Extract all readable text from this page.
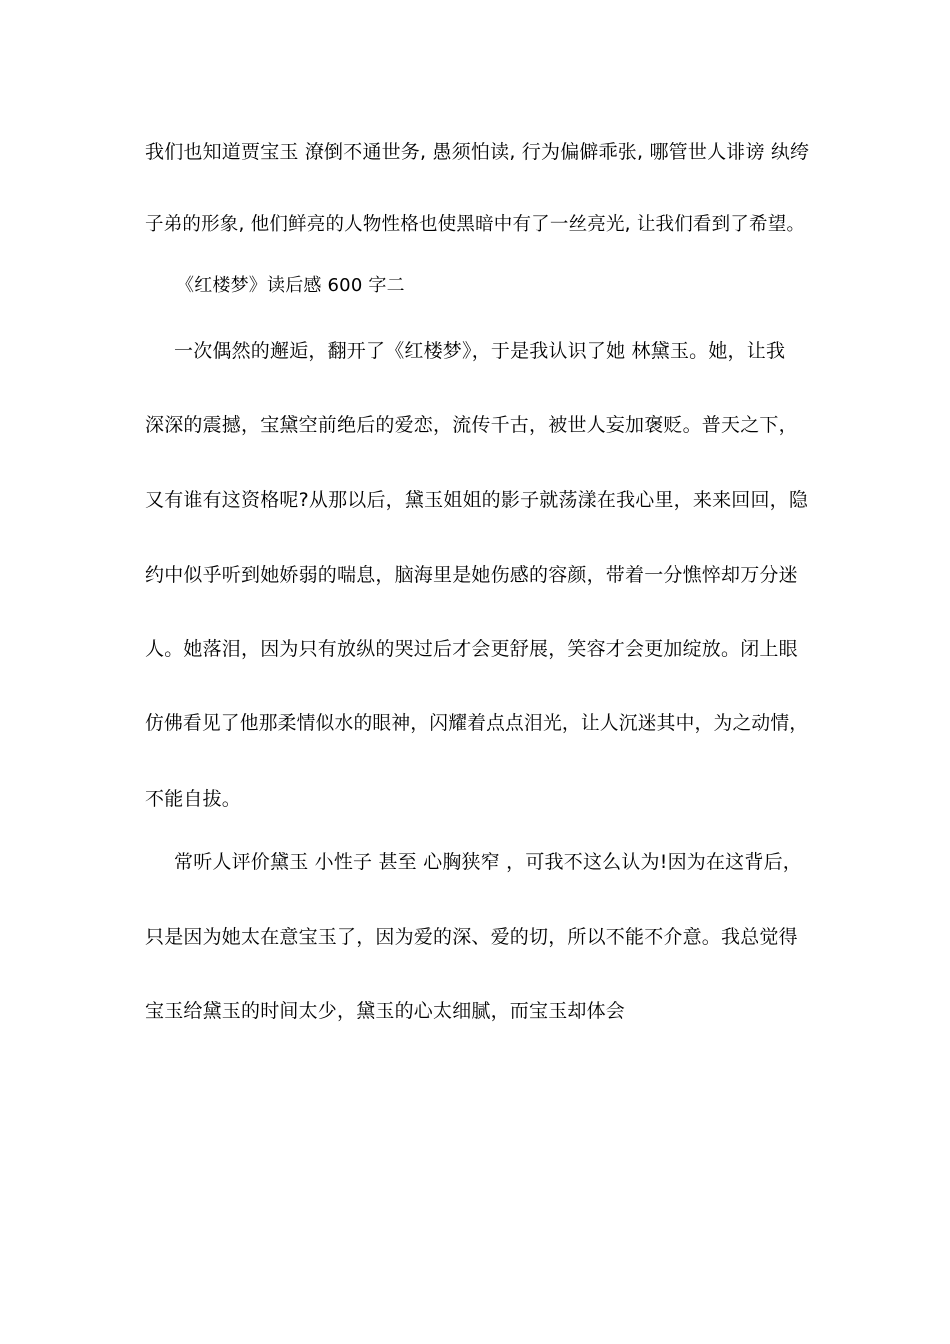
我们也知道贾宝玉 潦倒不通世务, 愚须怕读, 行为偏僻乖张, 哪管世人诽谤 纨绔
子弟的形象, 他们鲜亮的人物性格也使黑暗中有了一丝亮光, 让我们看到了希望。
《红楼梦》读后感 600 字二
一次偶然的邂逅，翻开了《红楼梦》，于是我认识了她 林黛玉。她，让我
深深的震撼，宝黛空前绝后的爱恋，流传千古，被世人妄加褒贬。普天之下，
又有谁有这资格呢?从那以后，黛玉姐姐的影子就荡漾在我心里，来来回回，隐
约中似乎听到她娇弱的喘息，脑海里是她伤感的容颜，带着一分憔悴却万分迷
人。她落泪，因为只有放纵的哭过后才会更舒展，笑容才会更加绽放。闭上眼
仿佛看见了他那柔情似水的眼神，闪耀着点点泪光，让人沉迷其中，为之动情，
不能自拔。
常听人评价黛玉 小性子 甚至 心胸狭窄 ，可我不这么认为!因为在这背后，
只是因为她太在意宝玉了，因为爱的深、爱的切，所以不能不介意。我总觉得
宝玉给黛玉的时间太少，黛玉的心太细腻，而宝玉却体会
